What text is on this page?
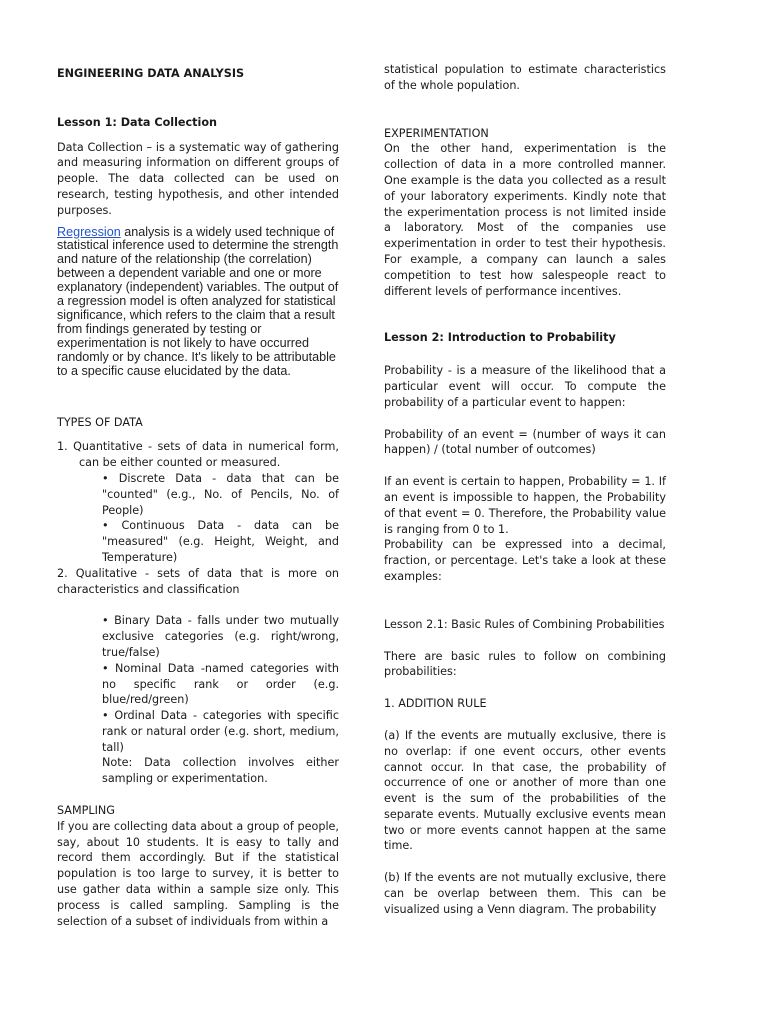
ENGINEERING DATA ANALYSIS

Lesson 1: Data Collection

Data Collection – is a systematic way of gathering and measuring information on different groups of people. The data collected can be used on research, testing hypothesis, and other intended purposes.

Regression analysis is a widely used technique of statistical inference used to determine the strength and nature of the relationship (the correlation) between a dependent variable and one or more explanatory (independent) variables. The output of a regression model is often analyzed for statistical significance, which refers to the claim that a result from findings generated by testing or experimentation is not likely to have occurred randomly or by chance. It's likely to be attributable to a specific cause elucidated by the data.

TYPES OF DATA

1. Quantitative - sets of data in numerical form, can be either counted or measured.

• Discrete Data - data that can be "counted" (e.g., No. of Pencils, No. of People)

• Continuous Data - data can be "measured" (e.g. Height, Weight, and Temperature)

2. Qualitative - sets of data that is more on characteristics and classification

• Binary Data - falls under two mutually exclusive categories (e.g. right/wrong, true/false)

• Nominal Data -named categories with no specific rank or order (e.g. blue/red/green)

• Ordinal Data - categories with specific rank or natural order (e.g. short, medium, tall)

Note: Data collection involves either sampling or experimentation.

SAMPLING

If you are collecting data about a group of people, say, about 10 students. It is easy to tally and record them accordingly. But if the statistical population is too large to survey, it is better to use gather data within a sample size only. This process is called sampling. Sampling is the selection of a subset of individuals from within a

statistical population to estimate characteristics of the whole population.

EXPERIMENTATION

On the other hand, experimentation is the collection of data in a more controlled manner. One example is the data you collected as a result of your laboratory experiments. Kindly note that the experimentation process is not limited inside a laboratory. Most of the companies use experimentation in order to test their hypothesis. For example, a company can launch a sales competition to test how salespeople react to different levels of performance incentives.

Lesson 2: Introduction to Probability

Probability - is a measure of the likelihood that a particular event will occur. To compute the probability of a particular event to happen:

Probability of an event = (number of ways it can happen) / (total number of outcomes)

If an event is certain to happen, Probability = 1. If an event is impossible to happen, the Probability of that event = 0. Therefore, the Probability value is ranging from 0 to 1.

Probability can be expressed into a decimal, fraction, or percentage. Let's take a look at these examples:

Lesson 2.1: Basic Rules of Combining Probabilities

There are basic rules to follow on combining probabilities:

1. ADDITION RULE

(a) If the events are mutually exclusive, there is no overlap: if one event occurs, other events cannot occur. In that case, the probability of occurrence of one or another of more than one event is the sum of the probabilities of the separate events. Mutually exclusive events mean two or more events cannot happen at the same time.

(b) If the events are not mutually exclusive, there can be overlap between them. This can be visualized using a Venn diagram. The probability
